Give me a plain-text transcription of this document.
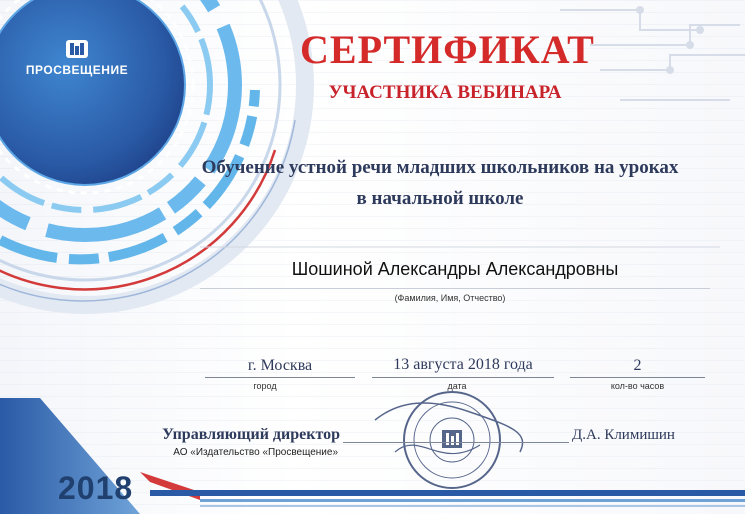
ПРОСВЕЩЕНИЕ	СЕРТИФИКАТ
УЧАСТНИКА ВЕБИНАРА
Обучение устной речи младших школьников на уроках
в начальной школе
Шошиной Александры Александровны
(Фамилия, Имя, Отчество)
г. Москва
город
13 августа 2018 года
дата
2
кол-во часов
Управляющий директор
АО «Издательство «Просвещение»
Д.А. Климишин
2018
